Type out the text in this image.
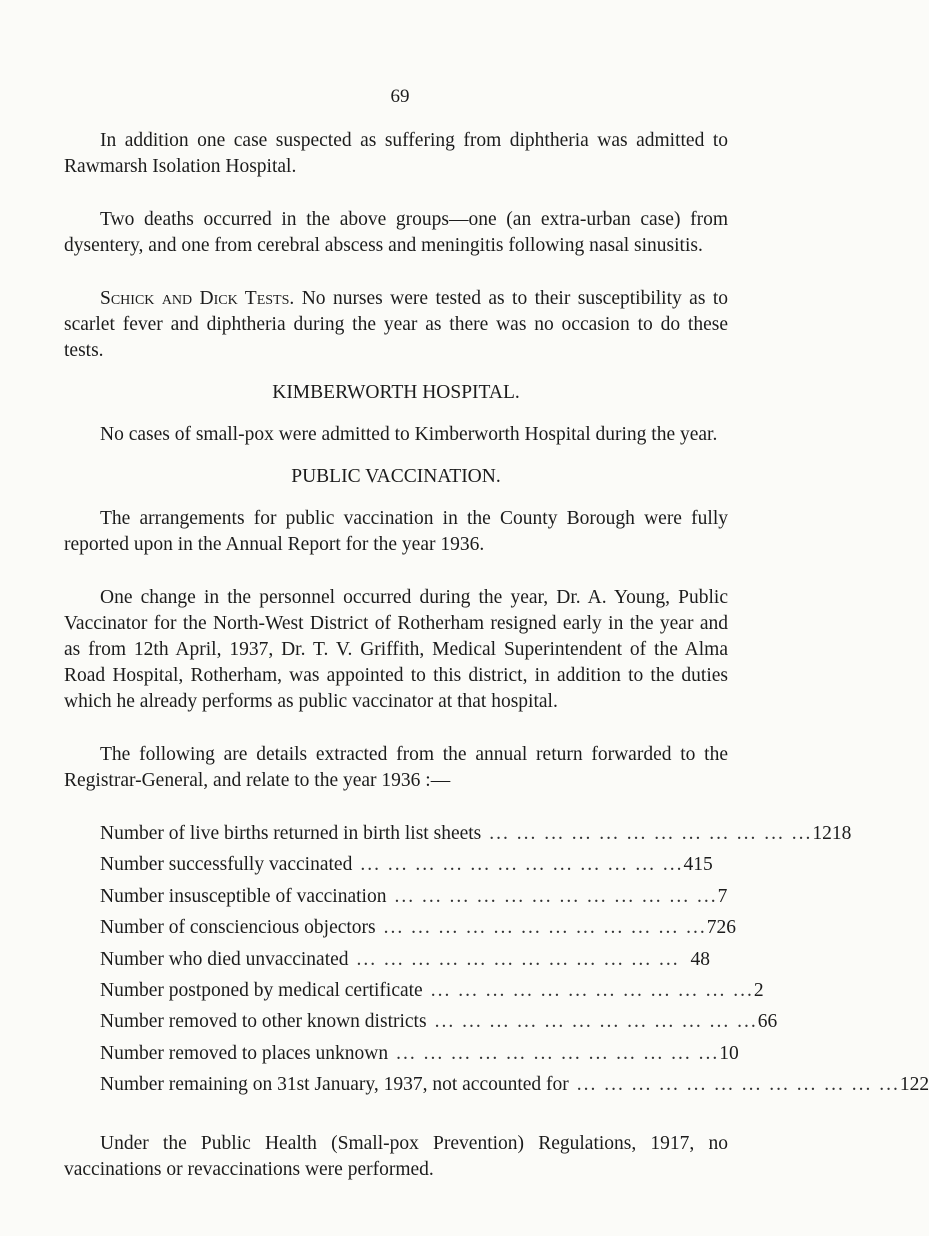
69

In addition one case suspected as suffering from diphtheria was admitted to Rawmarsh Isolation Hospital.

Two deaths occurred in the above groups—one (an extra-urban case) from dysentery, and one from cerebral abscess and meningitis following nasal sinusitis.

Schick and Dick Tests. No nurses were tested as to their susceptibility as to scarlet fever and diphtheria during the year as there was no occasion to do these tests.

KIMBERWORTH HOSPITAL.

No cases of small-pox were admitted to Kimberworth Hospital during the year.

PUBLIC VACCINATION.

The arrangements for public vaccination in the County Borough were fully reported upon in the Annual Report for the year 1936.

One change in the personnel occurred during the year, Dr. A. Young, Public Vaccinator for the North-West District of Rotherham resigned early in the year and as from 12th April, 1937, Dr. T. V. Griffith, Medical Superintendent of the Alma Road Hospital, Rotherham, was appointed to this district, in addition to the duties which he already performs as public vaccinator at that hospital.

The following are details extracted from the annual return forwarded to the Registrar-General, and relate to the year 1936 :—

Number of live births returned in birth list sheets ... ... ... ... ... ... ... ... ... ... ... ... 1218
Number successfully vaccinated ... ... ... ... ... ... ... ... ... ... ... ... 415
Number insusceptible of vaccination ... ... ... ... ... ... ... ... ... ... ... ... 7
Number of consciencious objectors ... ... ... ... ... ... ... ... ... ... ... ... 726
Number who died unvaccinated ... ... ... ... ... ... ... ... ... ... ... ... 48
Number postponed by medical certificate ... ... ... ... ... ... ... ... ... ... ... ... 2
Number removed to other known districts ... ... ... ... ... ... ... ... ... ... ... ... 66
Number removed to places unknown ... ... ... ... ... ... ... ... ... ... ... ... 10
Number remaining on 31st January, 1937, not accounted for ... ... ... ... ... ... ... ... ... ... ... ... 122

Under the Public Health (Small-pox Prevention) Regulations, 1917, no vaccinations or revaccinations were performed.
